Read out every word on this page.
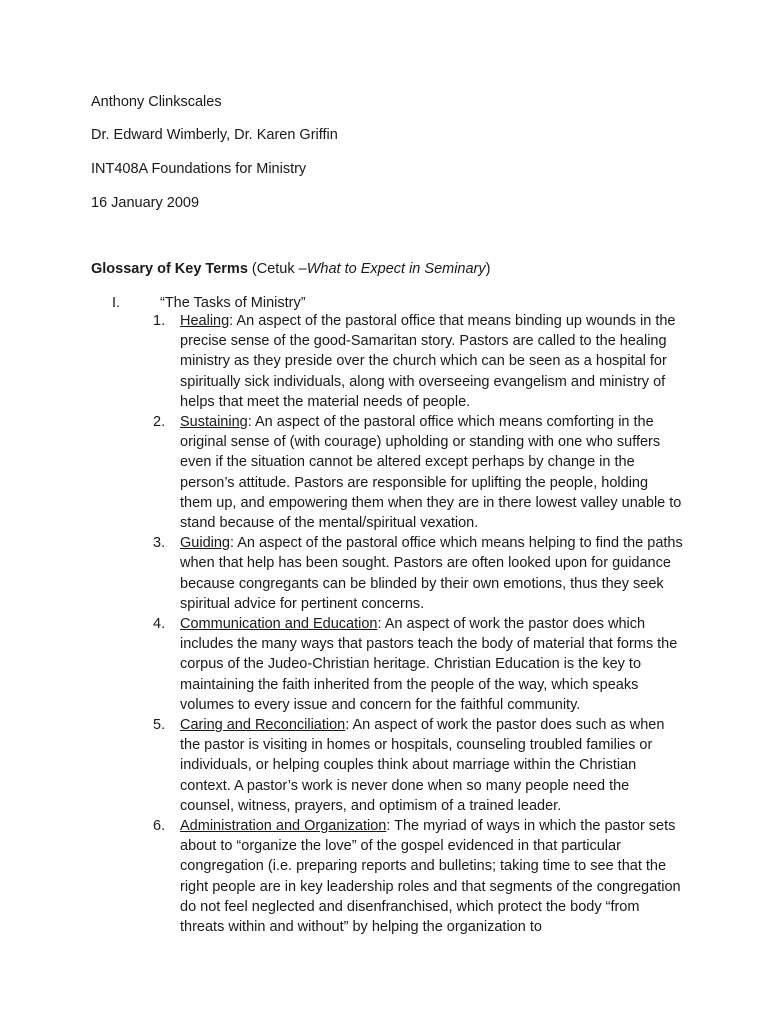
Anthony Clinkscales

Dr. Edward Wimberly, Dr. Karen Griffin

INT408A Foundations for Ministry

16 January 2009

Glossary of Key Terms (Cetuk –What to Expect in Seminary)

I.	“The Tasks of Ministry”
1.	Healing: An aspect of the pastoral office that means binding up wounds in the precise sense of the good-Samaritan story. Pastors are called to the healing ministry as they preside over the church which can be seen as a hospital for spiritually sick individuals, along with overseeing evangelism and ministry of helps that meet the material needs of people.
2.	Sustaining: An aspect of the pastoral office which means comforting in the original sense of (with courage) upholding or standing with one who suffers even if the situation cannot be altered except perhaps by change in the person’s attitude. Pastors are responsible for uplifting the people, holding them up, and empowering them when they are in there lowest valley unable to stand because of the mental/spiritual vexation.
3.	Guiding: An aspect of the pastoral office which means helping to find the paths when that help has been sought. Pastors are often looked upon for guidance because congregants can be blinded by their own emotions, thus they seek spiritual advice for pertinent concerns.
4.	Communication and Education: An aspect of work the pastor does which includes the many ways that pastors teach the body of material that forms the corpus of the Judeo-Christian heritage. Christian Education is the key to maintaining the faith inherited from the people of the way, which speaks volumes to every issue and concern for the faithful community.
5.	Caring and Reconciliation: An aspect of work the pastor does such as when the pastor is visiting in homes or hospitals, counseling troubled families or individuals, or helping couples think about marriage within the Christian context. A pastor’s work is never done when so many people need the counsel, witness, prayers, and optimism of a trained leader.
6.	Administration and Organization: The myriad of ways in which the pastor sets about to “organize the love” of the gospel evidenced in that particular congregation (i.e. preparing reports and bulletins; taking time to see that the right people are in key leadership roles and that segments of the congregation do not feel neglected and disenfranchised, which protect the body “from threats within and without” by helping the organization to
